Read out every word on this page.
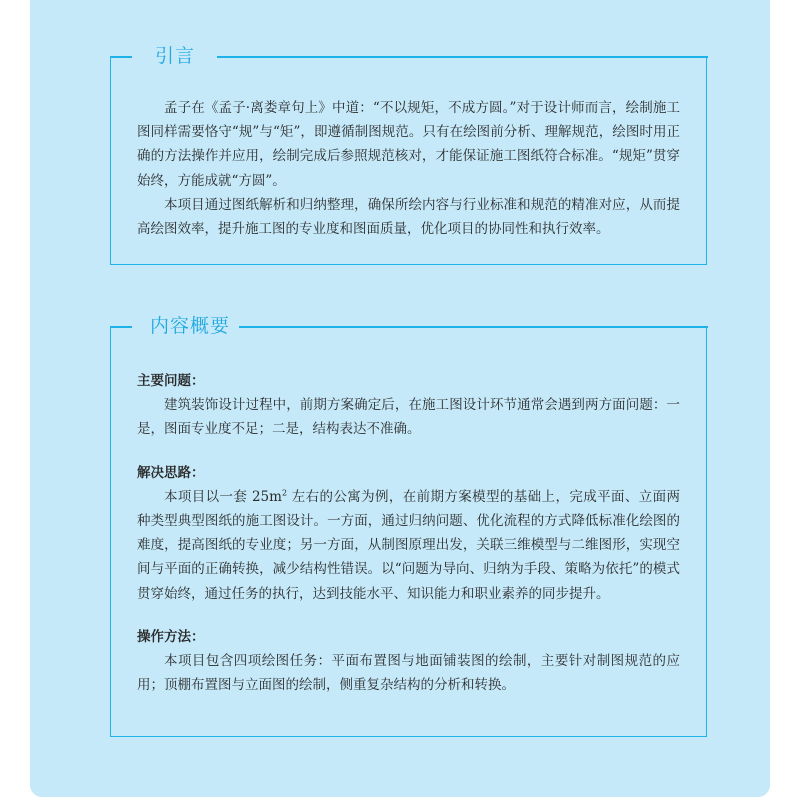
引言

孟子在《孟子·离娄章句上》中道：“不以规矩，不成方圆。”对于设计师而言，绘制施工图同样需要恪守“规”与“矩”，即遵循制图规范。只有在绘图前分析、理解规范，绘图时用正确的方法操作并应用，绘制完成后参照规范核对，才能保证施工图纸符合标准。“规矩”贯穿始终，方能成就“方圆”。

本项目通过图纸解析和归纳整理，确保所绘内容与行业标准和规范的精准对应，从而提高绘图效率，提升施工图的专业度和图面质量，优化项目的协同性和执行效率。

内容概要
主要问题：

建筑装饰设计过程中，前期方案确定后，在施工图设计环节通常会遇到两方面问题：一是，图面专业度不足；二是，结构表达不准确。

解决思路：

本项目以一套 $25m^2$ 左右的公寓为例，在前期方案模型的基础上，完成平面、立面两种类型典型图纸的施工图设计。一方面，通过归纳问题、优化流程的方式降低标准化绘图的难度，提高图纸的专业度；另一方面，从制图原理出发，关联三维模型与二维图形，实现空间与平面的正确转换，减少结构性错误。以“问题为导向、归纳为手段、策略为依托”的模式贯穿始终，通过任务的执行，达到技能水平、知识能力和职业素养的同步提升。

操作方法：

本项目包含四项绘图任务：平面布置图与地面铺装图的绘制，主要针对制图规范的应用；顶棚布置图与立面图的绘制，侧重复杂结构的分析和转换。
